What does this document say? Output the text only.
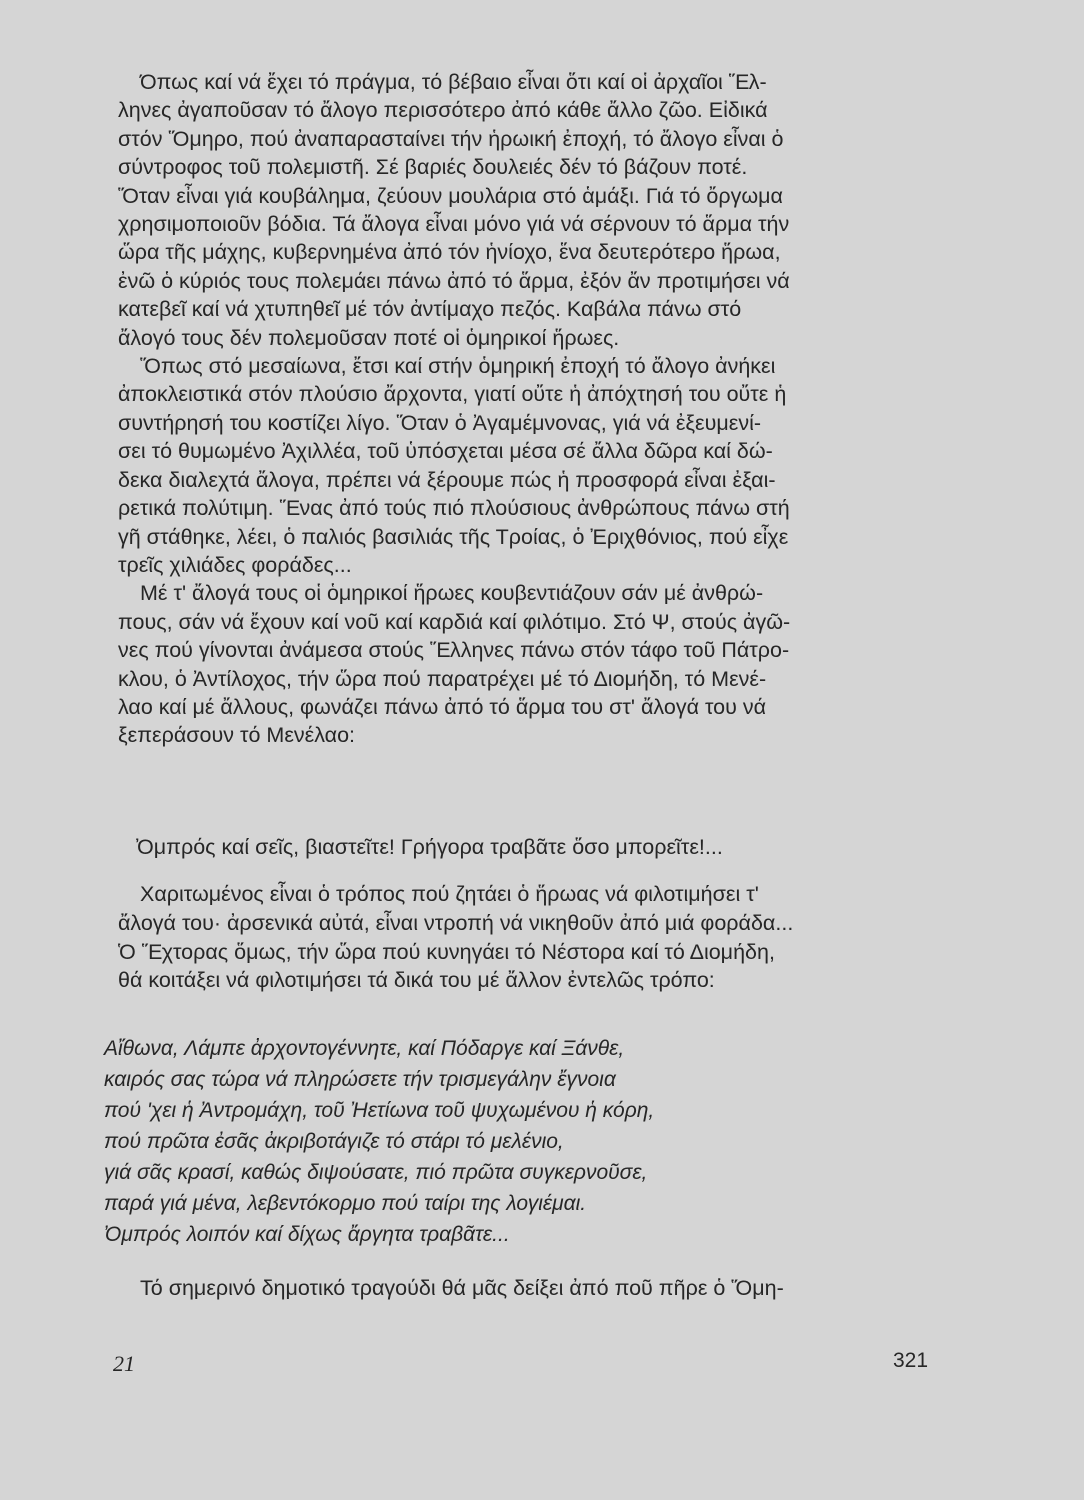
Όπως καί νά ἔχει τό πράγμα, τό βέβαιο εἶναι ὅτι καί οἱ ἀρχαῖοι Ἕλ-
ληνες ἀγαποῦσαν τό ἄλογο περισσότερο ἀπό κάθε ἄλλο ζῶο. Εἰδικά
στόν Ὅμηρο, πού ἀναπαρασταίνει τήν ἡρωική ἐποχή, τό ἄλογο εἶναι ὁ
σύντροφος τοῦ πολεμιστῆ. Σέ βαριές δουλειές δέν τό βάζουν ποτέ.
Ὅταν εἶναι γιά κουβάλημα, ζεύουν μουλάρια στό ἁμάξι. Γιά τό ὄργωμα
χρησιμοποιοῦν βόδια. Τά ἄλογα εἶναι μόνο γιά νά σέρνουν τό ἅρμα τήν
ὥρα τῆς μάχης, κυβερνημένα ἀπό τόν ἡνίοχο, ἕνα δευτερότερο ἥρωα,
ἐνῶ ὁ κύριός τους πολεμάει πάνω ἀπό τό ἅρμα, ἐξόν ἄν προτιμήσει νά
κατεβεῖ καί νά χτυπηθεῖ μέ τόν ἀντίμαχο πεζός. Καβάλα πάνω στό
ἄλογό τους δέν πολεμοῦσαν ποτέ οἱ ὁμηρικοί ἥρωες.
Ὅπως στό μεσαίωνα, ἔτσι καί στήν ὁμηρική ἐποχή τό ἄλογο ἀνήκει
ἀποκλειστικά στόν πλούσιο ἄρχοντα, γιατί οὔτε ἡ ἀπόχτησή του οὔτε ἡ
συντήρησή του κοστίζει λίγο. Ὅταν ὁ Ἀγαμέμνονας, γιά νά ἐξευμενί-
σει τό θυμωμένο Ἀχιλλέα, τοῦ ὑπόσχεται μέσα σέ ἄλλα δῶρα καί δώ-
δεκα διαλεχτά ἄλογα, πρέπει νά ξέρουμε πώς ἡ προσφορά εἶναι ἐξαι-
ρετικά πολύτιμη. Ἕνας ἀπό τούς πιό πλούσιους ἀνθρώπους πάνω στή
γῆ στάθηκε, λέει, ὁ παλιός βασιλιάς τῆς Τροίας, ὁ Ἐριχθόνιος, πού εἶχε
τρεῖς χιλιάδες φοράδες...
Μέ τ' ἄλογά τους οἱ ὁμηρικοί ἥρωες κουβεντιάζουν σάν μέ ἀνθρώ-
πους, σάν νά ἔχουν καί νοῦ καί καρδιά καί φιλότιμο. Στό Ψ, στούς ἀγῶ-
νες πού γίνονται ἀνάμεσα στούς Ἕλληνες πάνω στόν τάφο τοῦ Πάτρο-
κλου, ὁ Ἀντίλοχος, τήν ὥρα πού παρατρέχει μέ τό Διομήδη, τό Μενέ-
λαο καί μέ ἄλλους, φωνάζει πάνω ἀπό τό ἅρμα του στ' ἄλογά του νά
ξεπεράσουν τό Μενέλαο:
Ὀμπρός καί σεῖς, βιαστεῖτε! Γρήγορα τραβᾶτε ὅσο μπορεῖτε!...
Χαριτωμένος εἶναι ὁ τρόπος πού ζητάει ὁ ἥρωας νά φιλοτιμήσει τ'
ἄλογά του· ἀρσενικά αὐτά, εἶναι ντροπή νά νικηθοῦν ἀπό μιά φοράδα...
Ὁ Ἕχτορας ὅμως, τήν ὥρα πού κυνηγάει τό Νέστορα καί τό Διομήδη,
θά κοιτάξει νά φιλοτιμήσει τά δικά του μέ ἄλλον ἐντελῶς τρόπο:
Αἴθωνα, Λάμπε ἀρχοντογέννητε, καί Πόδαργε καί Ξάνθε,
καιρός σας τώρα νά πληρώσετε τήν τρισμεγάλην ἔγνοια
πού 'χει ἡ Ἀντρομάχη, τοῦ Ἠετίωνα τοῦ ψυχωμένου ἡ κόρη,
πού πρῶτα ἐσᾶς ἀκριβοτάγιζε τό στάρι τό μελένιο,
γιά σᾶς κρασί, καθώς διψούσατε, πιό πρῶτα συγκερνοῦσε,
παρά γιά μένα, λεβεντόκορμο πού ταίρι της λογιέμαι.
Ὀμπρός λοιπόν καί δίχως ἄργητα τραβᾶτε...
Τό σημερινό δημοτικό τραγούδι θά μᾶς δείξει ἀπό ποῦ πῆρε ὁ Ὅμη-
21	321
